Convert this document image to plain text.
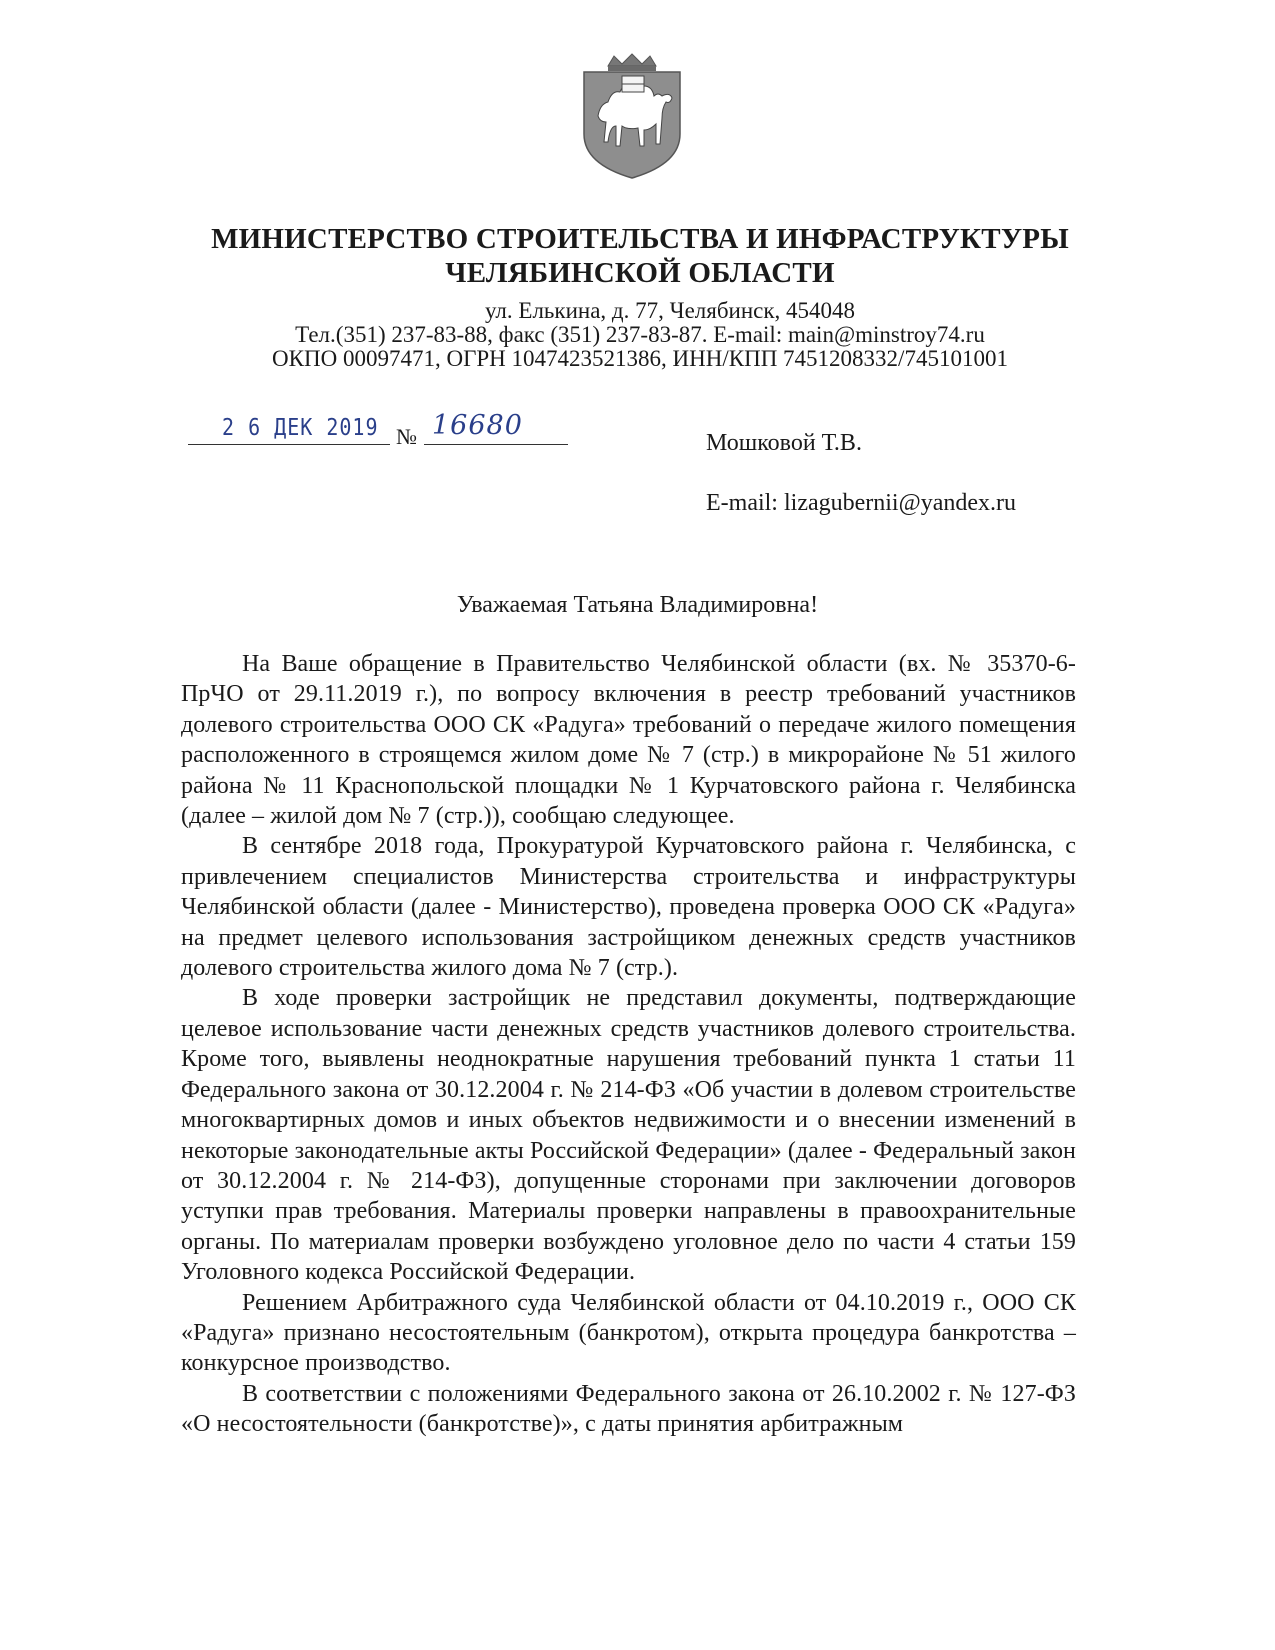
МИНИСТЕРСТВО СТРОИТЕЛЬСТВА И ИНФРАСТРУКТУРЫ
ЧЕЛЯБИНСКОЙ ОБЛАСТИ
ул. Елькина, д. 77, Челябинск, 454048
Тел.(351) 237-83-88, факс (351) 237-83-87. E-mail: main@minstroy74.ru
ОКПО 00097471, ОГРН 1047423521386, ИНН/КПП 7451208332/745101001
2 6 ДЕК 2019 № 16680
Мошковой Т.В.
E-mail: lizagubernii@yandex.ru
Уважаемая Татьяна Владимировна!

На Ваше обращение в Правительство Челябинской области (вх. № 35370-6-ПрЧО от 29.11.2019 г.), по вопросу включения в реестр требований участников долевого строительства ООО СК «Радуга» требований о передаче жилого помещения расположенного в строящемся жилом доме № 7 (стр.) в микрорайоне № 51 жилого района № 11 Краснопольской площадки № 1 Курчатовского района г. Челябинска (далее – жилой дом № 7 (стр.)), сообщаю следующее.

В сентябре 2018 года, Прокуратурой Курчатовского района г. Челябинска, с привлечением специалистов Министерства строительства и инфраструктуры Челябинской области (далее - Министерство), проведена проверка ООО СК «Радуга» на предмет целевого использования застройщиком денежных средств участников долевого строительства жилого дома № 7 (стр.).

В ходе проверки застройщик не представил документы, подтверждающие целевое использование части денежных средств участников долевого строительства. Кроме того, выявлены неоднократные нарушения требований пункта 1 статьи 11 Федерального закона от 30.12.2004 г. № 214-ФЗ «Об участии в долевом строительстве многоквартирных домов и иных объектов недвижимости и о внесении изменений в некоторые законодательные акты Российской Федерации» (далее - Федеральный закон от 30.12.2004 г. № 214-ФЗ), допущенные сторонами при заключении договоров уступки прав требования. Материалы проверки направлены в правоохранительные органы. По материалам проверки возбуждено уголовное дело по части 4 статьи 159 Уголовного кодекса Российской Федерации.

Решением Арбитражного суда Челябинской области от 04.10.2019 г., ООО СК «Радуга» признано несостоятельным (банкротом), открыта процедура банкротства – конкурсное производство.

В соответствии с положениями Федерального закона от 26.10.2002 г. № 127-ФЗ «О несостоятельности (банкротстве)», с даты принятия арбитражным
